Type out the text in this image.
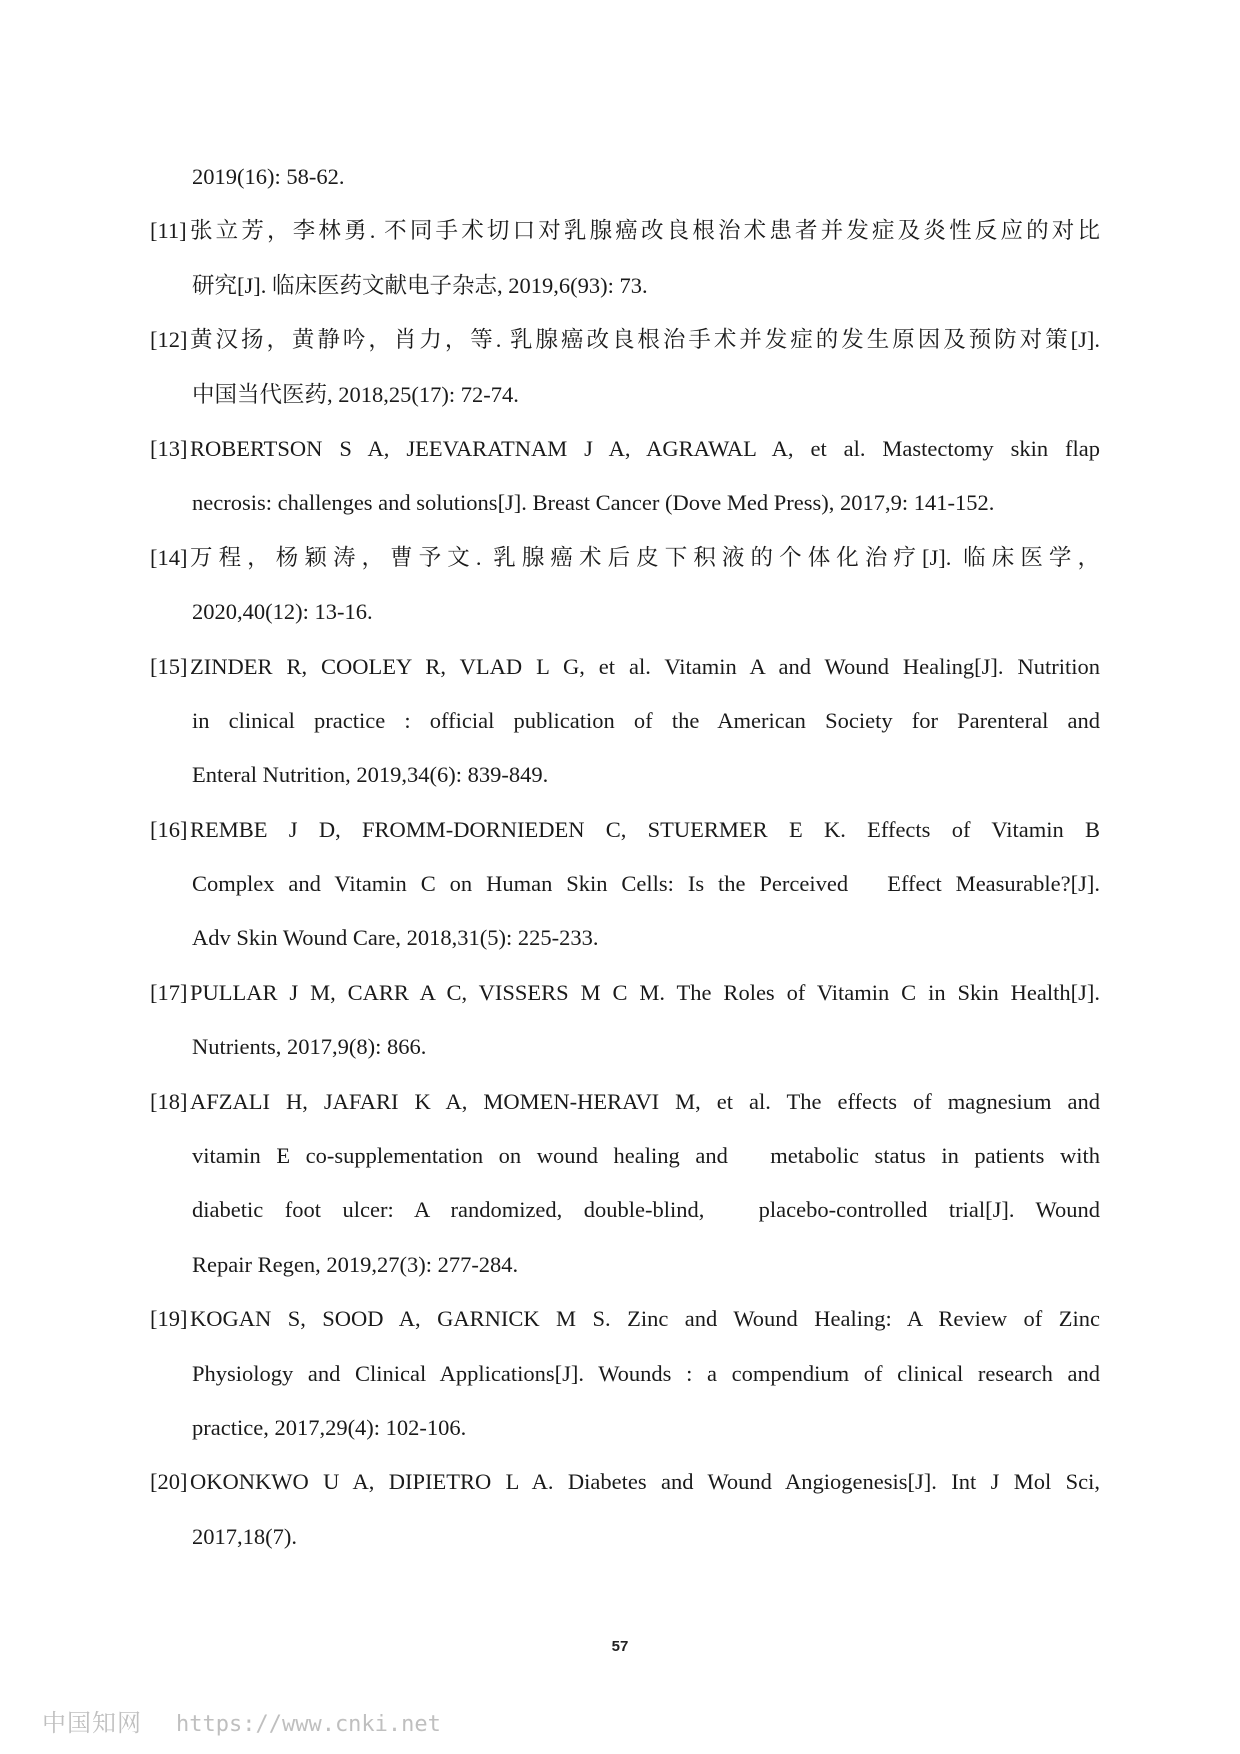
2019(16): 58-62.
[11] 张立芳，李林勇. 不同手术切口对乳腺癌改良根治术患者并发症及炎性反应的对比
研究[J]. 临床医药文献电子杂志, 2019,6(93): 73.
[12] 黄汉扬，黄静吟，肖力，等. 乳腺癌改良根治手术并发症的发生原因及预防对策[J].
中国当代医药, 2018,25(17): 72-74.
[13] ROBERTSON S A, JEEVARATNAM J A, AGRAWAL A, et al. Mastectomy skin flap
necrosis: challenges and solutions[J]. Breast Cancer (Dove Med Press), 2017,9: 141-152.
[14] 万程，杨颖涛，曹予文. 乳腺癌术后皮下积液的个体化治疗[J]. 临床医学，
2020,40(12): 13-16.
[15] ZINDER R, COOLEY R, VLAD L G, et al. Vitamin A and Wound Healing[J]. Nutrition
in clinical practice : official publication of the American Society for Parenteral and
Enteral Nutrition, 2019,34(6): 839-849.
[16] REMBE J D, FROMM-DORNIEDEN C, STUERMER E K. Effects of Vitamin B
Complex and Vitamin C on Human Skin Cells: Is the Perceived　Effect Measurable?[J].
Adv Skin Wound Care, 2018,31(5): 225-233.
[17] PULLAR J M, CARR A C, VISSERS M C M. The Roles of Vitamin C in Skin Health[J].
Nutrients, 2017,9(8): 866.
[18] AFZALI H, JAFARI K A, MOMEN-HERAVI M, et al. The effects of magnesium and
vitamin E co-supplementation on wound healing and　metabolic status in patients with
diabetic foot ulcer: A randomized, double-blind,　placebo-controlled trial[J]. Wound
Repair Regen, 2019,27(3): 277-284.
[19] KOGAN S, SOOD A, GARNICK M S. Zinc and Wound Healing: A Review of Zinc
Physiology and Clinical Applications[J]. Wounds : a compendium of clinical research and
practice, 2017,29(4): 102-106.
[20] OKONKWO U A, DIPIETRO L A. Diabetes and Wound Angiogenesis[J]. Int J Mol Sci,
2017,18(7).
57
中国知网 https://www.cnki.net
